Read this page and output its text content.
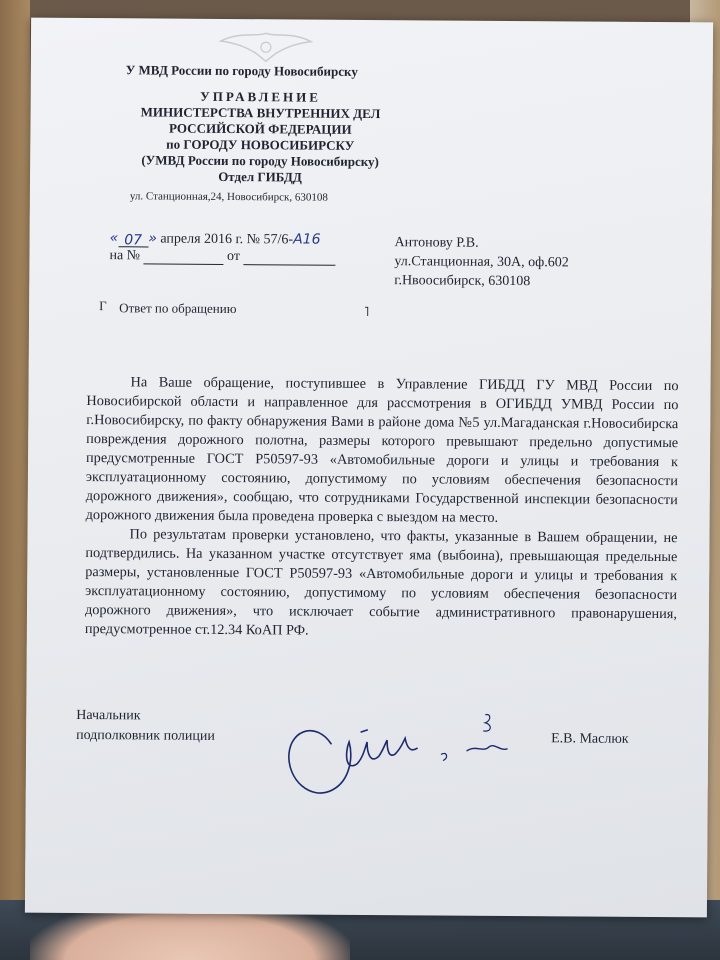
У МВД России по городу Новосибирску
УПРАВЛЕНИЕ
МИНИСТЕРСТВА ВНУТРЕННИХ ДЕЛ
РОССИЙСКОЙ ФЕДЕРАЦИИ
по ГОРОДУ НОВОСИБИРСКУ
(УМВД России по городу Новосибирску)
Отдел ГИБДД
ул. Станционная,24, Новосибирск, 630108
« 07 » апреля 2016 г. № 57/6-А16
на №	от
Антонову Р.В.
ул.Станционная, 30А, оф.602
г.Нвоосибирск, 630108
Г Ответ по обращению	˥

На Ваше обращение, поступившее в Управление ГИБДД ГУ МВД России по Новосибирской области и направленное для рассмотрения в ОГИБДД УМВД России по г.Новосибирску, по факту обнаружения Вами в районе дома №5 ул.Магаданская г.Новосибирска повреждения дорожного полотна, размеры которого превышают предельно допустимые предусмотренные ГОСТ Р50597-93 «Автомобильные дороги и улицы и требования к эксплуатационному состоянию, допустимому по условиям обеспечения безопасности дорожного движения», сообщаю, что сотрудниками Государственной инспекции безопасности дорожного движения была проведена проверка с выездом на место.

По результатам проверки установлено, что факты, указанные в Вашем обращении, не подтвердились. На указанном участке отсутствует яма (выбоина), превышающая предельные размеры, установленные ГОСТ Р50597-93 «Автомобильные дороги и улицы и требования к эксплуатационному состоянию, допустимому по условиям обеспечения безопасности дорожного движения», что исключает событие административного правонарушения, предусмотренное ст.12.34 КоАП РФ.

Начальник
подполковник полиции	Е.В. Маслюк
